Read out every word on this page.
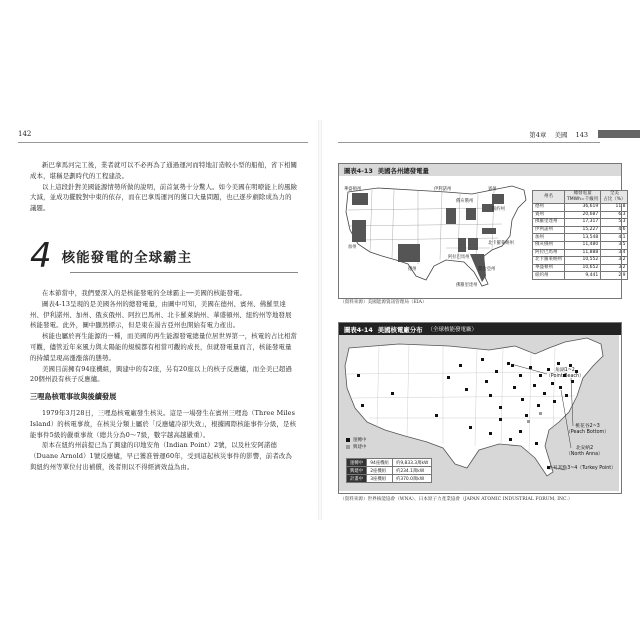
142

新巴拿馬河完工後，業者就可以不必再為了通過運河而特地訂造較小型的船舶，省下相關成本，堪稱是劃時代的工程建設。

以上這段針對美國能源情勢所做的說明，前首氣勢十分驚人。如今美國在明暸能上的風險大減，並成功擺脫對中東的依存，而在巴拿馬運河的獲口大量問題，也已逐步剷除成為力的議題。

4 核能發電的全球霸主

在本節當中，我們要深入的是核能發電的全球霸主──美國的核能發電。

圖表4-13呈現的是美國各州的總發電量，由圖中可知，美國在德州、賓州、佛羅里達州、伊利諾州、加州、俄亥俄州、阿拉巴馬州、北卡羅萊納州、華盛頓州、紐約州等地發展核能發電。此外，圖中顯然標示，但是東在湯古亞州也開始有電力產出。

核能也屬於再生能源的一種，而美國的再生能源發電總量位居世界第一，核電的占比相當可觀，儘管近年來風力與太陽能的規模都有相當可觀的成長，但就發電量而言，核能發電量的持續呈現高漲漲落的態勢。

美國目前擁有94座機組，興建中的有2座，另有20座以上的核子反應爐，而全美已超過20個州設有核子反應爐。

三哩島核電事故與後續發展

1979年3月28日，三哩島核電廠發生核災。這是一場發生在賓州三哩島（Three Miles Island）的核電事故，在核災分類上屬於「反應爐冷卻失效」，根據國際核能事件分級，是核能事件5級的嚴重事故（總共分為0～7級，數字越高越嚴重）。

原本在紐約州前提已為了興建的印地安角（Indian Point）2號，以及杜安阿諾德（Duane Arnold）1號反應爐，早已獲准營運60年，受到這起核災事件的影響，前者改為與紐約州等單位付出補償，後者則以不得經濟效益為由。

第4章 美國 143
圖表4-13 美國各州總發電量
華盛頓州	伊利諾州	賓州
俄亥俄州
紐約州
加州
北卡羅萊納州
德州
阿拉巴馬州
喬治亞州
佛羅里達州
州名	總發電量
TMWh=千級用	全美
占比（%）
德州	36,619	11.8
賓州	20,687	6.3
佛羅里達州	17,317	5.3
伊利諾州	15,227	4.6
加州	13,548	4.1
俄亥俄州	11,480	3.5
阿拉巴馬州	11,888	3.4
北卡羅萊納州	10,552	3.2
華盛頓州	10,652	3.2
紐約州	9,441	2.9
（資料來源）美國能源資訊管理局（EIA）
圖表4-14 美國核電廠分布 （全球核能發電廠）
角湖1~2
（Point Beach）
桃花谷2~3
（Peach Bottom）
北安納2
（North Anna）
土耳其點3~4（Turkey Point）
運轉中
興建中
運轉中	94座機組	約9,833.3萬kW
興建中	2座機組	約234.1萬kW
計畫中	3座機組	約370.0萬kW
（資料來源）世界核能協會（WNA）、日本原子力產業協會（JAPAN ATOMIC INDUSTRIAL FORUM, INC.）
